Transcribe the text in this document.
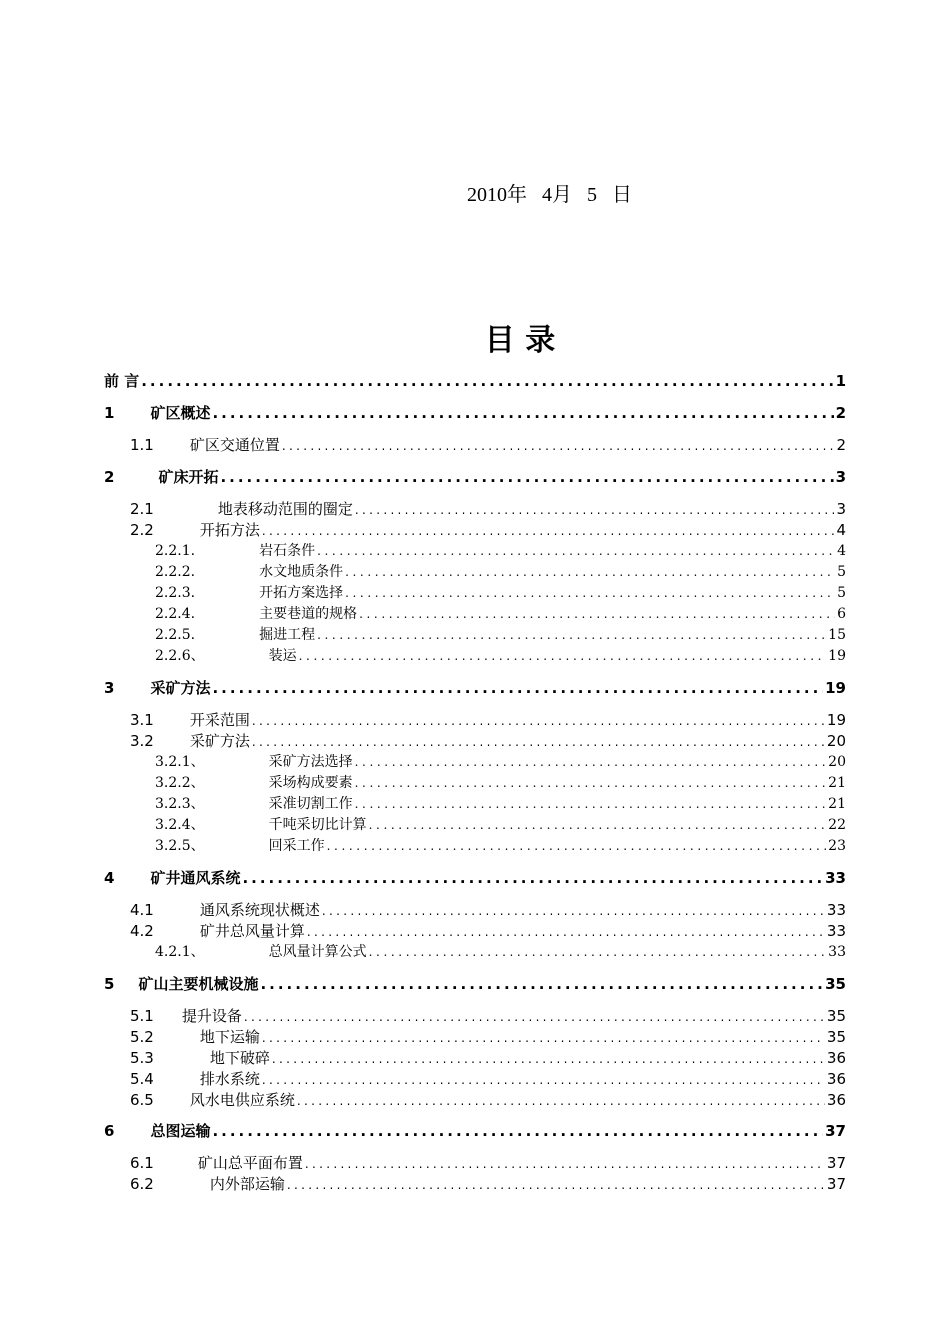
2010年   4月   5   日
目 录
前 言 .....	1
1 矿区概述 .....	2
1.1 矿区交通位置 .....	2
2	矿床开拓 .....	3
2.1	地表移动范围的圈定 .....	3
2.2	开拓方法 .....	4
2.2.1.	岩石条件 .....	4
2.2.2.	水文地质条件 .....	5
2.2.3.	开拓方案选择 .....	5
2.2.4.	主要巷道的规格 .....	6
2.2.5.	掘进工程 .....	15
2.2.6、	装运 .....	19
3 采矿方法 .....	19
3.1 开采范围 .....	19
3.2 采矿方法 .....	20
3.2.1、	采矿方法选择 .....	20
3.2.2、	采场构成要素 .....	21
3.2.3、	采准切割工作 .....	21
3.2.4、	千吨采切比计算 .....	22
3.2.5、	回采工作 .....	23
4 矿井通风系统 .....	33
4.1	通风系统现状概述 .....	33
4.2	矿井总风量计算 .....	33
4.2.1、	总风量计算公式 .....	33
5 矿山主要机械设施 .....	35
5.1 提升设备 .....	35
5.2	地下运输 .....	35
5.3	地下破碎 .....	36
5.4	排水系统 .....	36
6.5 风水电供应系统 .....	36
6 总图运输 .....	37
6.1	矿山总平面布置 .....	37
6.2	内外部运输 .....	37
